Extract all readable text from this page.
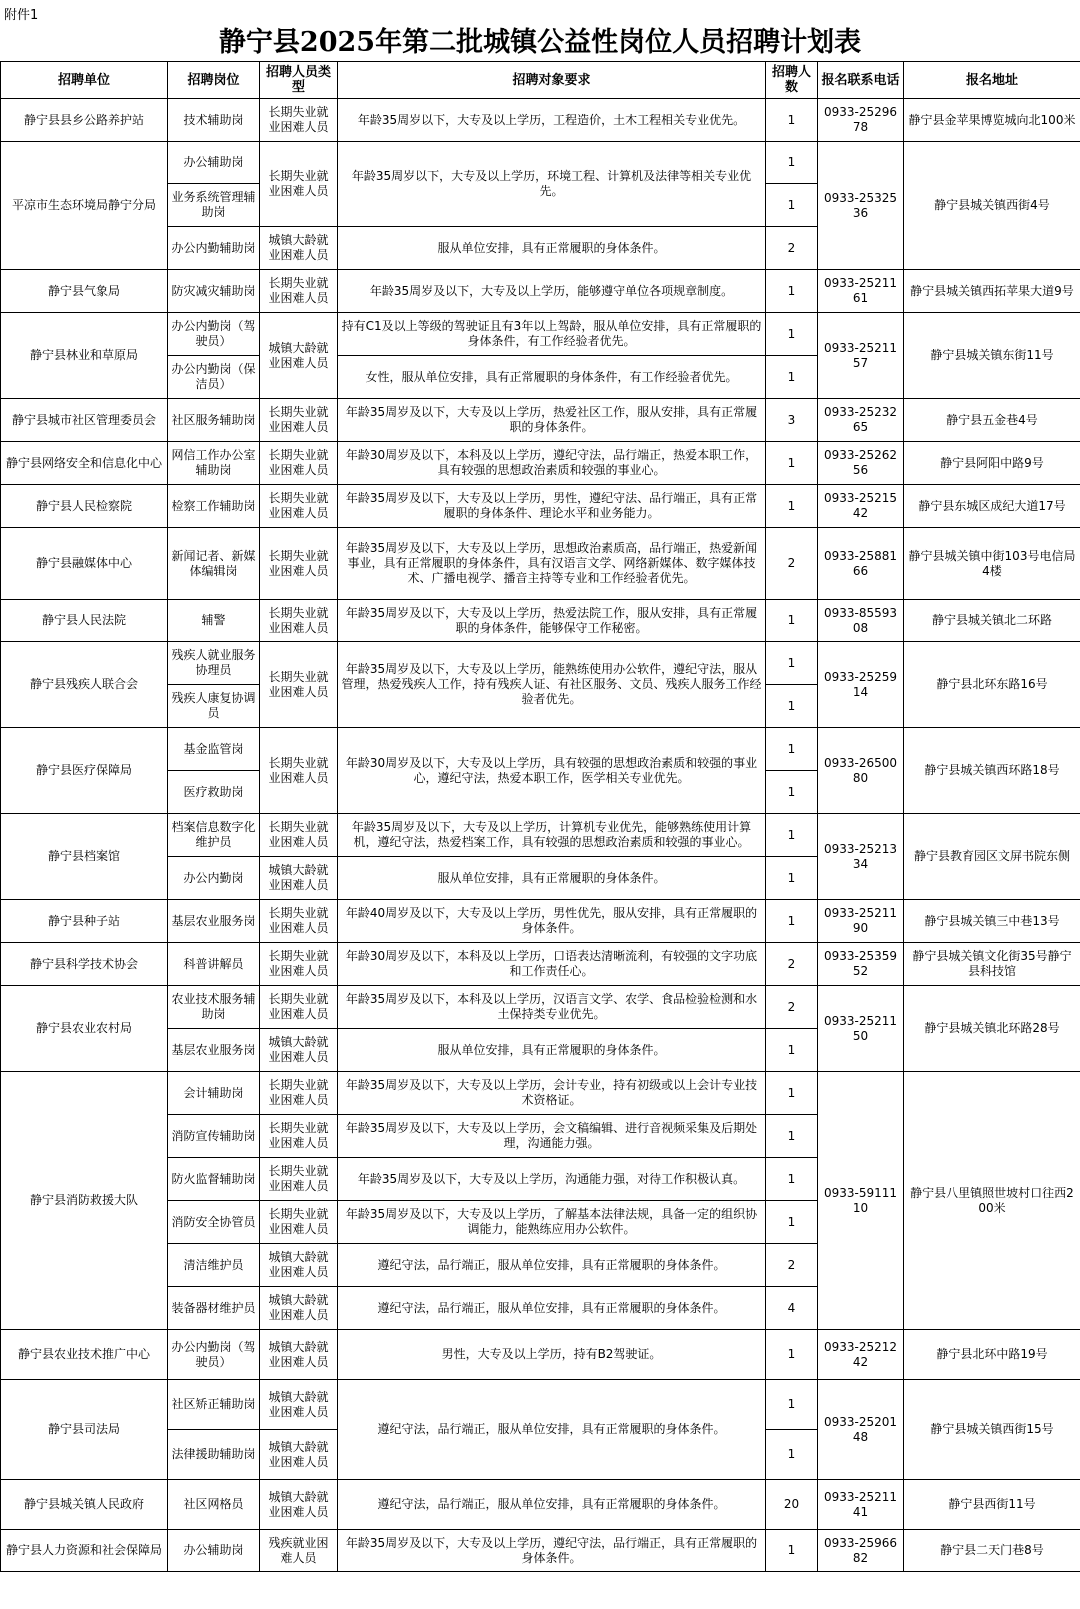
附件1
静宁县2025年第二批城镇公益性岗位人员招聘计划表
招聘单位	招聘岗位	招聘人员类型	招聘对象要求	招聘人数	报名联系电话	报名地址
静宁县县乡公路养护站	技术辅助岗	长期失业就业困难人员	年龄35周岁以下，大专及以上学历，工程造价，土木工程相关专业优先。	1	0933-2529678	静宁县金苹果博览城向北100米
平凉市生态环境局静宁分局	办公辅助岗	长期失业就业困难人员	年龄35周岁以下，大专及以上学历，环境工程、计算机及法律等相关专业优先。	1	0933-2532536	静宁县城关镇西街4号
	业务系统管理辅助岗			1		
	办公内勤辅助岗	城镇大龄就业困难人员	服从单位安排，具有正常履职的身体条件。	2		
静宁县气象局	防灾减灾辅助岗	长期失业就业困难人员	年龄35周岁及以下，大专及以上学历，能够遵守单位各项规章制度。	1	0933-2521161	静宁县城关镇西拓苹果大道9号
静宁县林业和草原局	办公内勤岗（驾驶员）	城镇大龄就业困难人员	持有C1及以上等级的驾驶证且有3年以上驾龄，服从单位安排，具有正常履职的身体条件，有工作经验者优先。	1	0933-2521157	静宁县城关镇东街11号
	办公内勤岗（保洁员）		女性，服从单位安排，具有正常履职的身体条件，有工作经验者优先。	1		
静宁县城市社区管理委员会	社区服务辅助岗	长期失业就业困难人员	年龄35周岁及以下，大专及以上学历，热爱社区工作，服从安排，具有正常履职的身体条件。	3	0933-2523265	静宁县五金巷4号
静宁县网络安全和信息化中心	网信工作办公室辅助岗	长期失业就业困难人员	年龄30周岁及以下，本科及以上学历，遵纪守法，品行端正，热爱本职工作，具有较强的思想政治素质和较强的事业心。	1	0933-2526256	静宁县阿阳中路9号
静宁县人民检察院	检察工作辅助岗	长期失业就业困难人员	年龄35周岁及以下，大专及以上学历，男性，遵纪守法、品行端正，具有正常履职的身体条件、理论水平和业务能力。	1	0933-2521542	静宁县东城区成纪大道17号
静宁县融媒体中心	新闻记者、新媒体编辑岗	长期失业就业困难人员	年龄35周岁及以下，大专及以上学历，思想政治素质高，品行端正，热爱新闻事业，具有正常履职的身体条件，具有汉语言文学、网络新媒体、数字媒体技术、广播电视学、播音主持等专业和工作经验者优先。	2	0933-2588166	静宁县城关镇中街103号电信局4楼
静宁县人民法院	辅警	长期失业就业困难人员	年龄35周岁及以下，大专及以上学历，热爱法院工作，服从安排，具有正常履职的身体条件，能够保守工作秘密。	1	0933-8559308	静宁县城关镇北二环路
静宁县残疾人联合会	残疾人就业服务协理员	长期失业就业困难人员	年龄35周岁及以下，大专及以上学历，能熟练使用办公软件，遵纪守法，服从管理，热爱残疾人工作，持有残疾人证、有社区服务、文员、残疾人服务工作经验者优先。	1	0933-2525914	静宁县北环东路16号
	残疾人康复协调员			1		
静宁县医疗保障局	基金监管岗	长期失业就业困难人员	年龄30周岁及以下，大专及以上学历，具有较强的思想政治素质和较强的事业心，遵纪守法，热爱本职工作，医学相关专业优先。	1	0933-2650080	静宁县城关镇西环路18号
	医疗救助岗			1		
静宁县档案馆	档案信息数字化维护员	长期失业就业困难人员	年龄35周岁及以下，大专及以上学历，计算机专业优先，能够熟练使用计算机，遵纪守法，热爱档案工作，具有较强的思想政治素质和较强的事业心。	1	0933-2521334	静宁县教育园区文屏书院东侧
	办公内勤岗	城镇大龄就业困难人员	服从单位安排，具有正常履职的身体条件。	1		
静宁县种子站	基层农业服务岗	长期失业就业困难人员	年龄40周岁及以下，大专及以上学历，男性优先，服从安排，具有正常履职的身体条件。	1	0933-2521190	静宁县城关镇三中巷13号
静宁县科学技术协会	科普讲解员	长期失业就业困难人员	年龄30周岁及以下，本科及以上学历，口语表达清晰流利，有较强的文字功底和工作责任心。	2	0933-2535952	静宁县城关镇文化街35号静宁县科技馆
静宁县农业农村局	农业技术服务辅助岗	长期失业就业困难人员	年龄35周岁及以下，本科及以上学历，汉语言文学、农学、食品检验检测和水土保持类专业优先。	2	0933-2521150	静宁县城关镇北环路28号
	基层农业服务岗	城镇大龄就业困难人员	服从单位安排，具有正常履职的身体条件。	1		
静宁县消防救援大队	会计辅助岗	长期失业就业困难人员	年龄35周岁及以下，大专及以上学历，会计专业，持有初级或以上会计专业技术资格证。	1	0933-5911110	静宁县八里镇照世坡村口往西200米
	消防宣传辅助岗	长期失业就业困难人员	年龄35周岁及以下，大专及以上学历，会文稿编辑、进行音视频采集及后期处理，沟通能力强。	1		
	防火监督辅助岗	长期失业就业困难人员	年龄35周岁及以下，大专及以上学历，沟通能力强，对待工作积极认真。	1		
	消防安全协管员	长期失业就业困难人员	年龄35周岁及以下，大专及以上学历，了解基本法律法规，具备一定的组织协调能力，能熟练应用办公软件。	1		
	清洁维护员	城镇大龄就业困难人员	遵纪守法，品行端正，服从单位安排，具有正常履职的身体条件。	2		
	装备器材维护员	城镇大龄就业困难人员	遵纪守法，品行端正，服从单位安排，具有正常履职的身体条件。	4		
静宁县农业技术推广中心	办公内勤岗（驾驶员）	城镇大龄就业困难人员	男性，大专及以上学历，持有B2驾驶证。	1	0933-2521242	静宁县北环中路19号
静宁县司法局	社区矫正辅助岗	城镇大龄就业困难人员	遵纪守法，品行端正，服从单位安排，具有正常履职的身体条件。	1	0933-2520148	静宁县城关镇西街15号
	法律援助辅助岗	城镇大龄就业困难人员		1		
静宁县城关镇人民政府	社区网格员	城镇大龄就业困难人员	遵纪守法，品行端正，服从单位安排，具有正常履职的身体条件。	20	0933-2521141	静宁县西街11号
静宁县人力资源和社会保障局	办公辅助岗	残疾就业困难人员	年龄35周岁及以下，大专及以上学历，遵纪守法，品行端正，具有正常履职的身体条件。	1	0933-2596682	静宁县二天门巷8号
